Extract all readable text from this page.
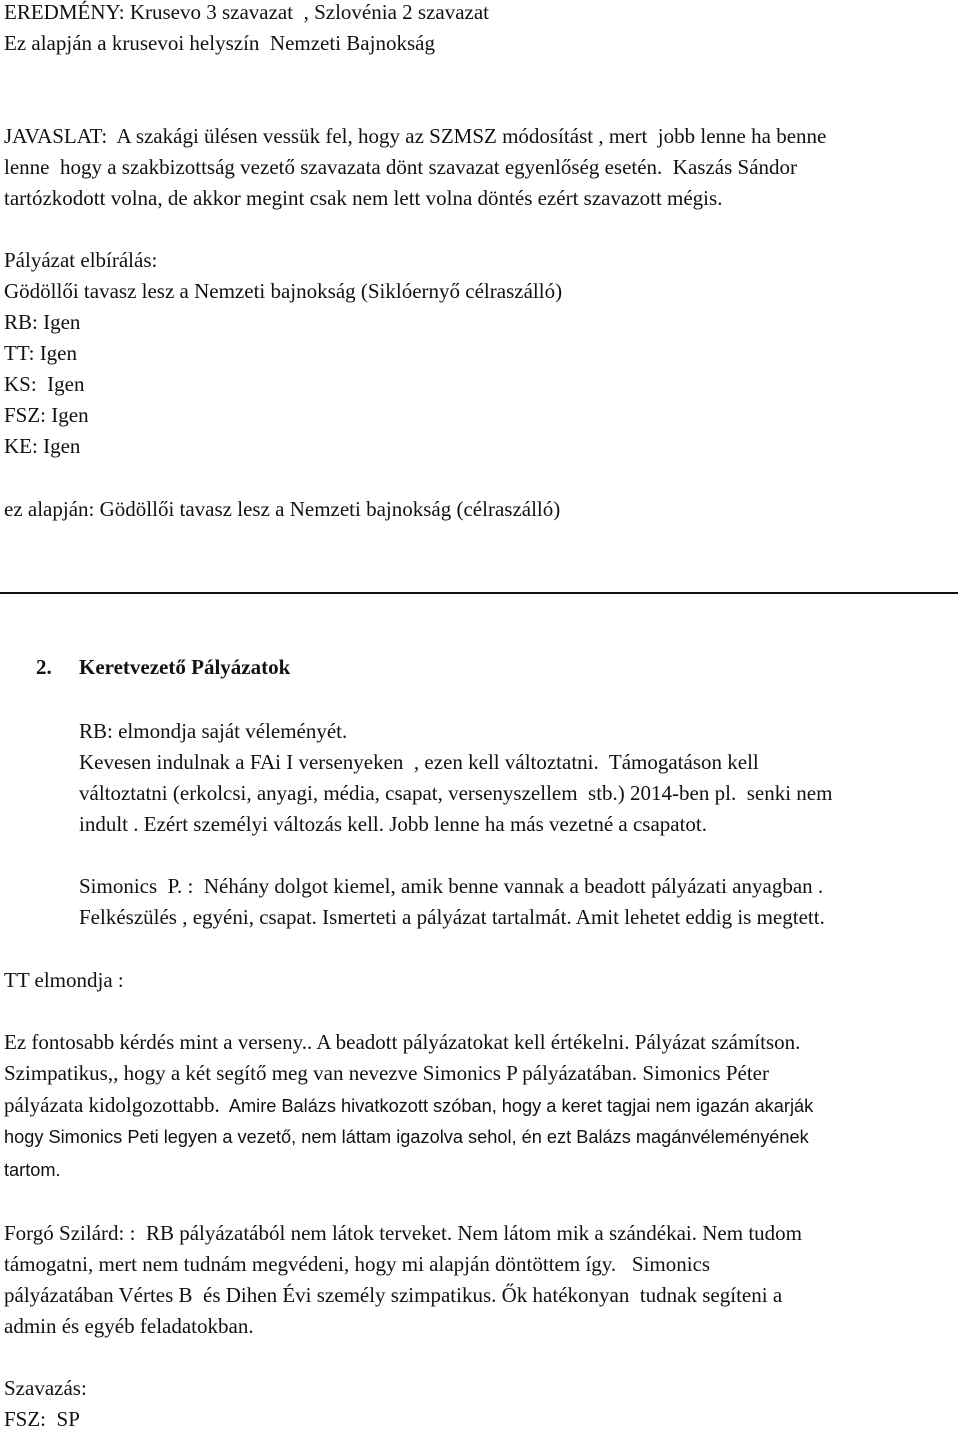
EREDMÉNY: Krusevo 3 szavazat  , Szlovénia 2 szavazat

Ez alapján a krusevoi helyszín  Nemzeti Bajnokság

JAVASLAT:  A szakági ülésen vessük fel, hogy az SZMSZ módosítást , mert  jobb lenne ha benne

lenne  hogy a szakbizottság vezető szavazata dönt szavazat egyenlőség esetén.  Kaszás Sándor

tartózkodott volna, de akkor megint csak nem lett volna döntés ezért szavazott mégis.

Pályázat elbírálás:

Gödöllői tavasz lesz a Nemzeti bajnokság (Siklóernyő célraszálló)

RB: Igen

TT: Igen

KS:  Igen

FSZ: Igen

KE: Igen

ez alapján: Gödöllői tavasz lesz a Nemzeti bajnokság (célraszálló)

2. Keretvezető Pályázatok

RB: elmondja saját véleményét.

Kevesen indulnak a FAi I versenyeken  , ezen kell változtatni.  Támogatáson kell

változtatni (erkolcsi, anyagi, média, csapat, versenyszellem  stb.) 2014-ben pl.  senki nem

indult . Ezért személyi változás kell. Jobb lenne ha más vezetné a csapatot.

Simonics  P. :  Néhány dolgot kiemel, amik benne vannak a beadott pályázati anyagban .

Felkészülés , egyéni, csapat. Ismerteti a pályázat tartalmát. Amit lehetet eddig is megtett.

TT elmondja :

Ez fontosabb kérdés mint a verseny.. A beadott pályázatokat kell értékelni. Pályázat számítson.

Szimpatikus,, hogy a két segítő meg van nevezve Simonics P pályázatában. Simonics Péter

pályázata kidolgozottabb.  Amire Balázs hivatkozott szóban, hogy a keret tagjai nem igazán akarják

hogy Simonics Peti legyen a vezető, nem láttam igazolva sehol, én ezt Balázs magánvéleményének

tartom.

Forgó Szilárd: :  RB pályázatából nem látok terveket. Nem látom mik a szándékai. Nem tudom

támogatni, mert nem tudnám megvédeni, hogy mi alapján döntöttem így.   Simonics

pályázatában Vértes B  és Dihen Évi személy szimpatikus. Ők hatékonyan  tudnak segíteni a

admin és egyéb feladatokban.

Szavazás:

FSZ:  SP
